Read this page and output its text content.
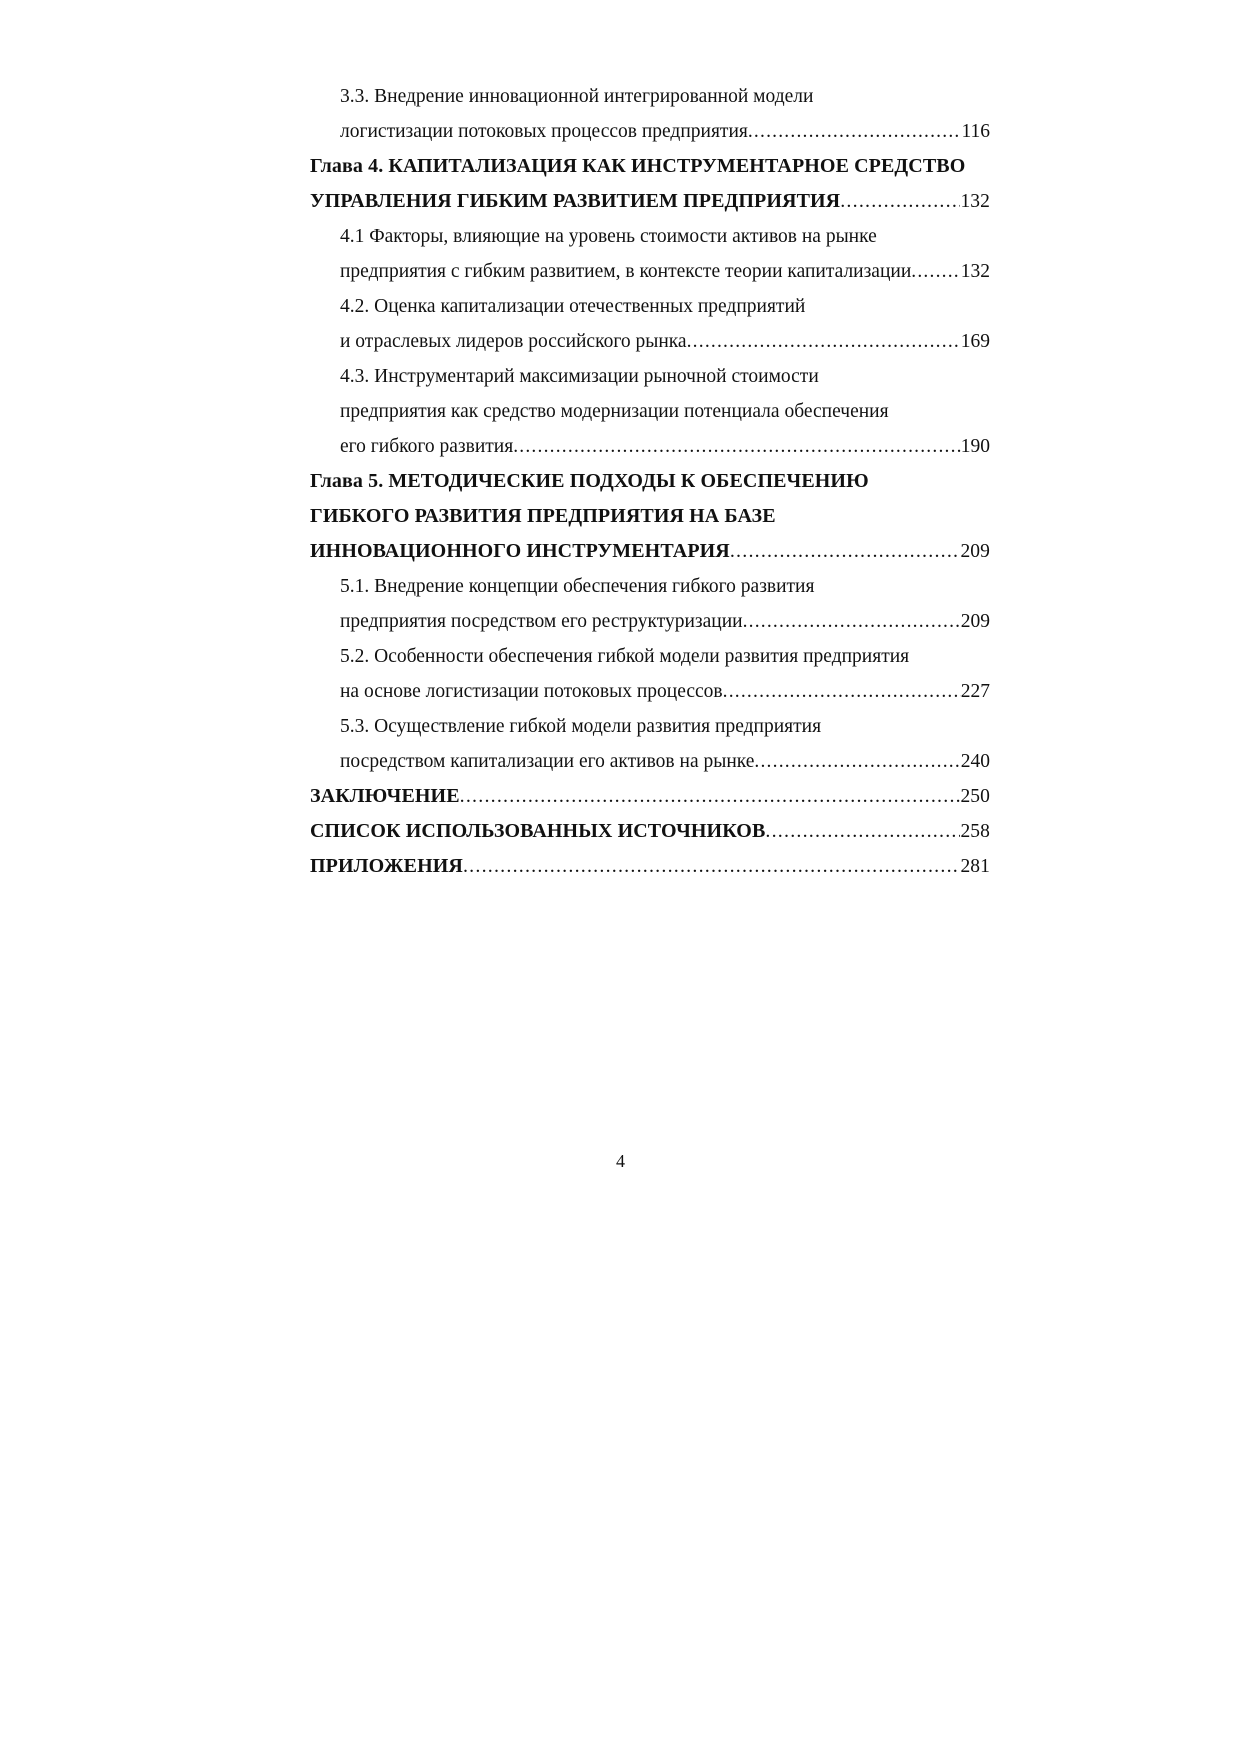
3.3. Внедрение инновационной интегрированной модели
логистизации потоковых процессов предприятия .....	116
Глава 4. КАПИТАЛИЗАЦИЯ КАК ИНСТРУМЕНТАРНОЕ СРЕДСТВО
УПРАВЛЕНИЯ ГИБКИМ РАЗВИТИЕМ ПРЕДПРИЯТИЯ .....	132
4.1 Факторы, влияющие на уровень стоимости активов на рынке
предприятия с гибким развитием, в контексте теории капитализации .....	132
4.2. Оценка капитализации отечественных предприятий
и отраслевых лидеров российского рынка .....	169
4.3. Инструментарий максимизации рыночной стоимости
предприятия как средство модернизации потенциала обеспечения
его гибкого развития .....	190
Глава 5. МЕТОДИЧЕСКИЕ ПОДХОДЫ К ОБЕСПЕЧЕНИЮ
ГИБКОГО РАЗВИТИЯ ПРЕДПРИЯТИЯ НА БАЗЕ
ИННОВАЦИОННОГО ИНСТРУМЕНТАРИЯ .....	209
5.1. Внедрение концепции обеспечения гибкого развития
предприятия посредством его реструктуризации .....	209
5.2. Особенности обеспечения гибкой модели развития предприятия
на основе логистизации потоковых процессов .....	227
5.3. Осуществление гибкой модели развития предприятия
посредством капитализации его активов на рынке .....	240
ЗАКЛЮЧЕНИЕ .....	250
СПИСОК ИСПОЛЬЗОВАННЫХ ИСТОЧНИКОВ .....	258
ПРИЛОЖЕНИЯ .....	281
4
